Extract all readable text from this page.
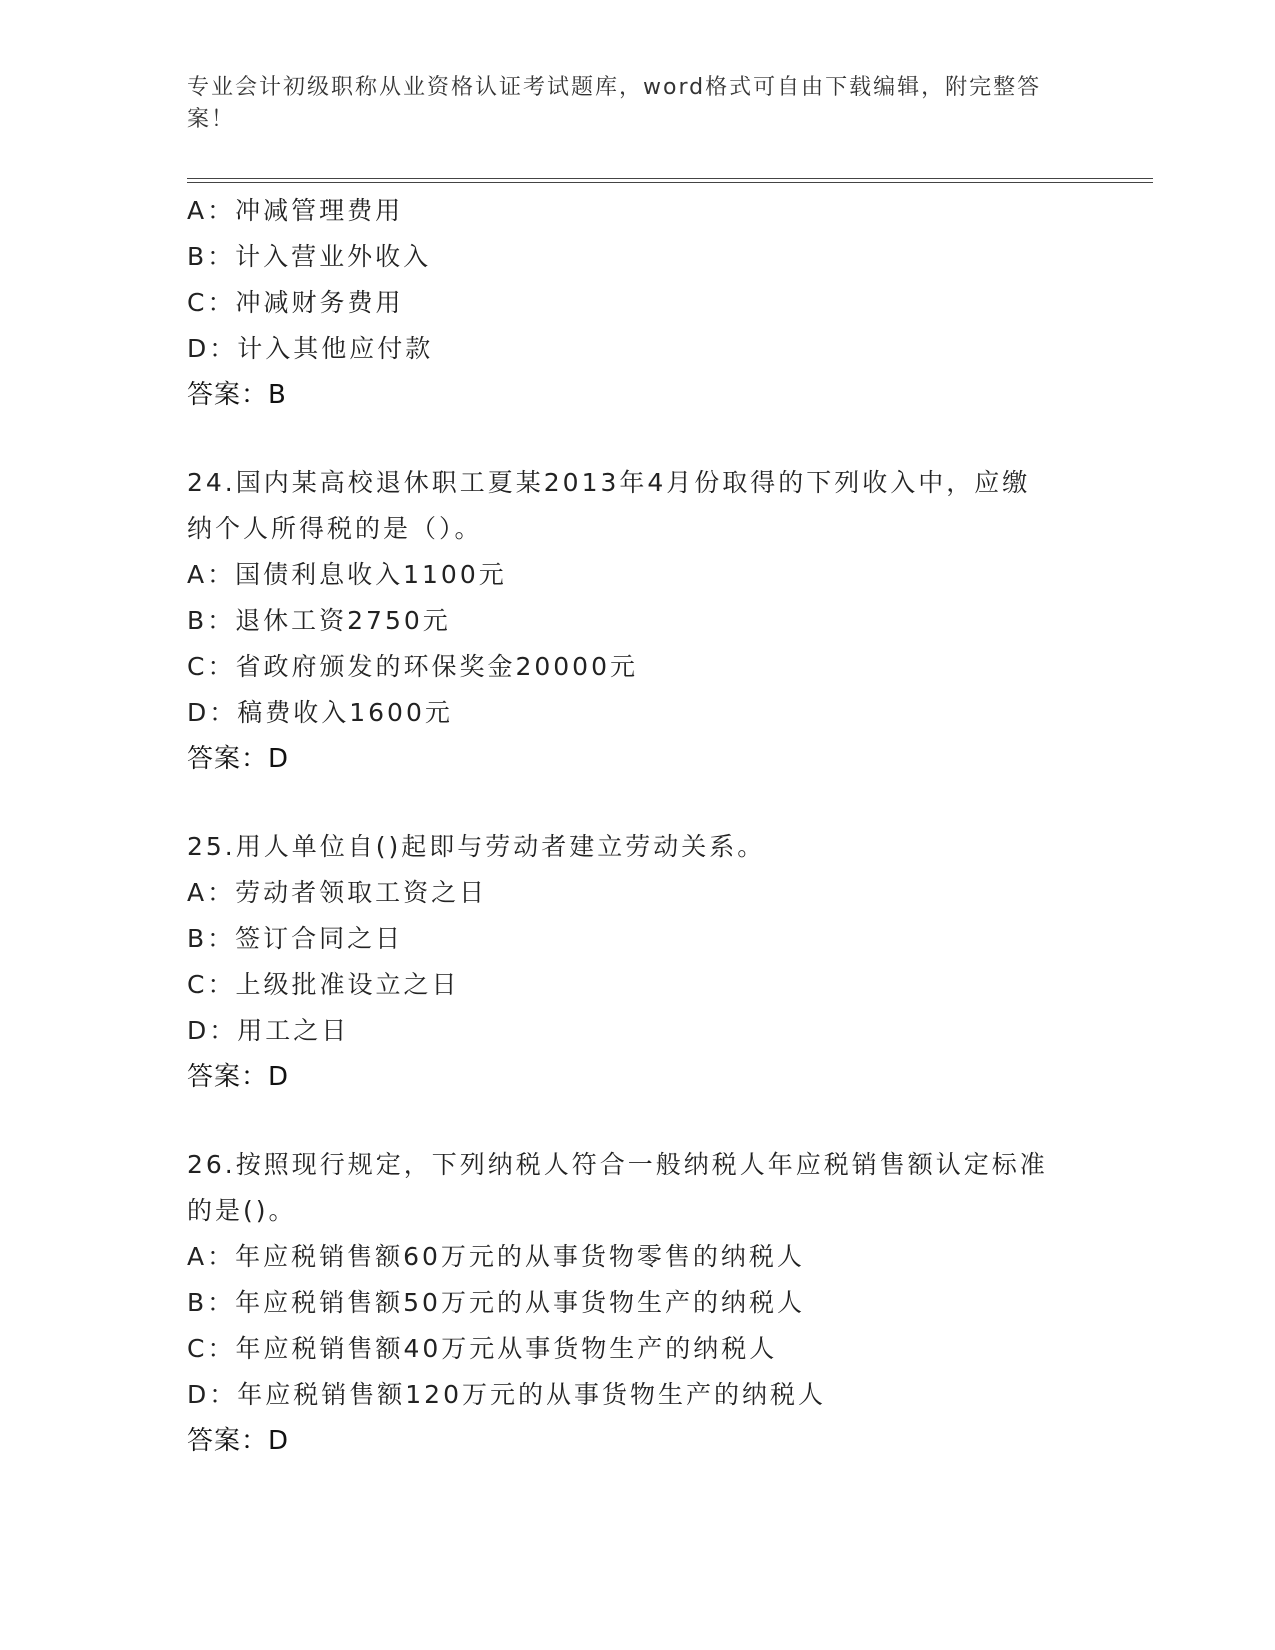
专业会计初级职称从业资格认证考试题库，word格式可自由下载编辑，附完整答案！
A：冲减管理费用
B：计入营业外收入
C：冲减财务费用
D：计入其他应付款
答案：B
24.国内某高校退休职工夏某2013年4月份取得的下列收入中，应缴
纳个人所得税的是（）。
A：国债利息收入1100元
B：退休工资2750元
C：省政府颁发的环保奖金20000元
D：稿费收入1600元
答案：D
25.用人单位自()起即与劳动者建立劳动关系。
A：劳动者领取工资之日
B：签订合同之日
C：上级批准设立之日
D：用工之日
答案：D
26.按照现行规定，下列纳税人符合一般纳税人年应税销售额认定标准
的是()。
A：年应税销售额60万元的从事货物零售的纳税人
B：年应税销售额50万元的从事货物生产的纳税人
C：年应税销售额40万元从事货物生产的纳税人
D：年应税销售额120万元的从事货物生产的纳税人
答案：D
